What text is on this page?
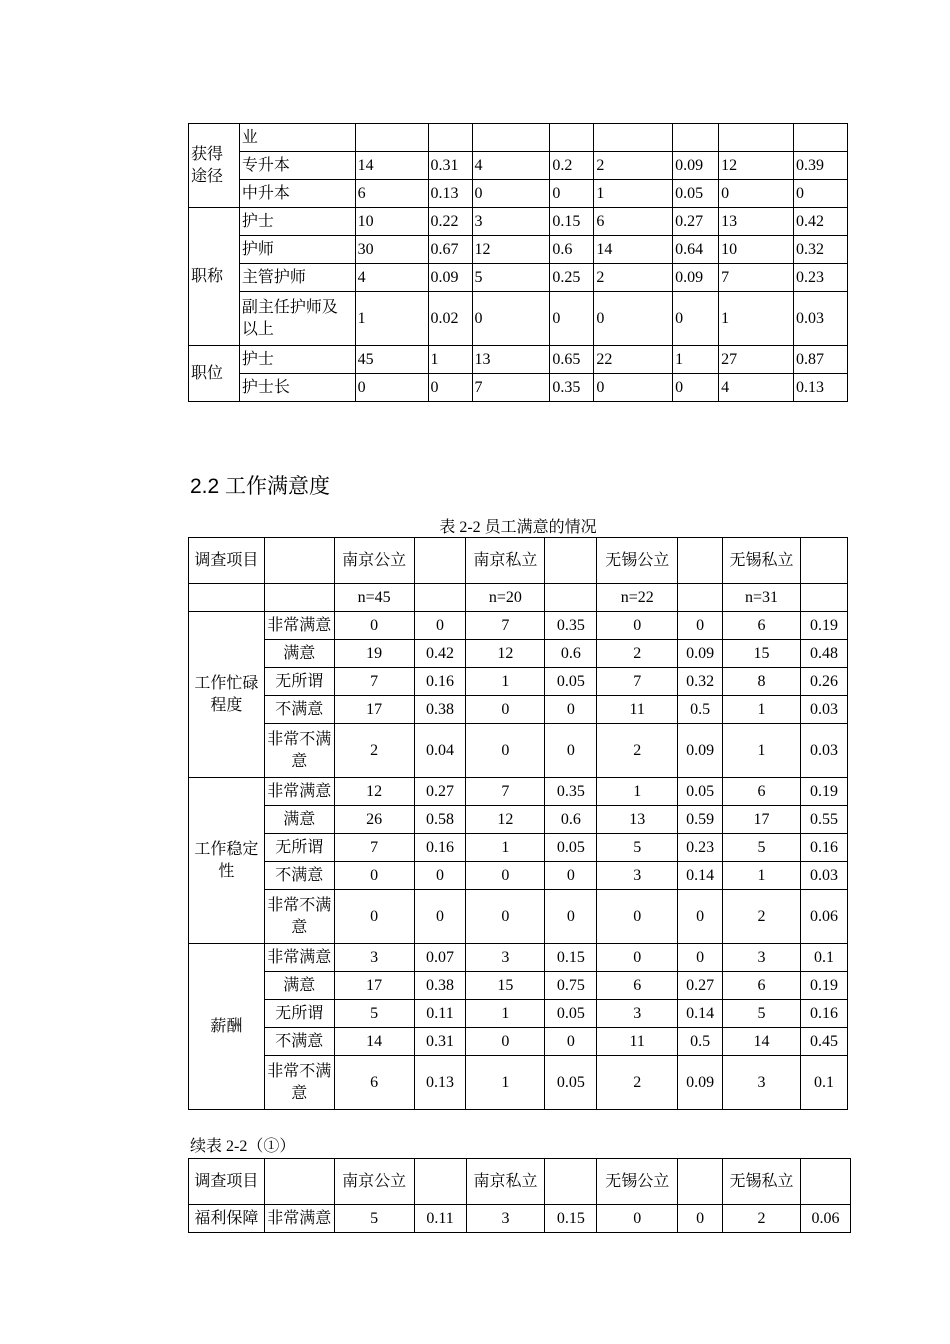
获得途径	业								
	专升本	14	0.31	4	0.2	2	0.09	12	0.39
	中升本	6	0.13	0	0	1	0.05	0	0
职称	护士	10	0.22	3	0.15	6	0.27	13	0.42
	护师	30	0.67	12	0.6	14	0.64	10	0.32
	主管护师	4	0.09	5	0.25	2	0.09	7	0.23
	副主任护师及以上	1	0.02	0	0	0	0	1	0.03
职位	护士	45	1	13	0.65	22	1	27	0.87
	护士长	0	0	7	0.35	0	0	4	0.13
2.2 工作满意度
表 2-2 员工满意的情况
调查项目		南京公立		南京私立		无锡公立		无锡私立	
		n=45		n=20		n=22		n=31	
工作忙碌程度	非常满意	0	0	7	0.35	0	0	6	0.19
	满意	19	0.42	12	0.6	2	0.09	15	0.48
	无所谓	7	0.16	1	0.05	7	0.32	8	0.26
	不满意	17	0.38	0	0	11	0.5	1	0.03
	非常不满意	2	0.04	0	0	2	0.09	1	0.03
工作稳定性	非常满意	12	0.27	7	0.35	1	0.05	6	0.19
	满意	26	0.58	12	0.6	13	0.59	17	0.55
	无所谓	7	0.16	1	0.05	5	0.23	5	0.16
	不满意	0	0	0	0	3	0.14	1	0.03
	非常不满意	0	0	0	0	0	0	2	0.06
薪酬	非常满意	3	0.07	3	0.15	0	0	3	0.1
	满意	17	0.38	15	0.75	6	0.27	6	0.19
	无所谓	5	0.11	1	0.05	3	0.14	5	0.16
	不满意	14	0.31	0	0	11	0.5	14	0.45
	非常不满意	6	0.13	1	0.05	2	0.09	3	0.1
续表 2-2（①）
调查项目		南京公立		南京私立		无锡公立		无锡私立	
福利保障	非常满意	5	0.11	3	0.15	0	0	2	0.06
